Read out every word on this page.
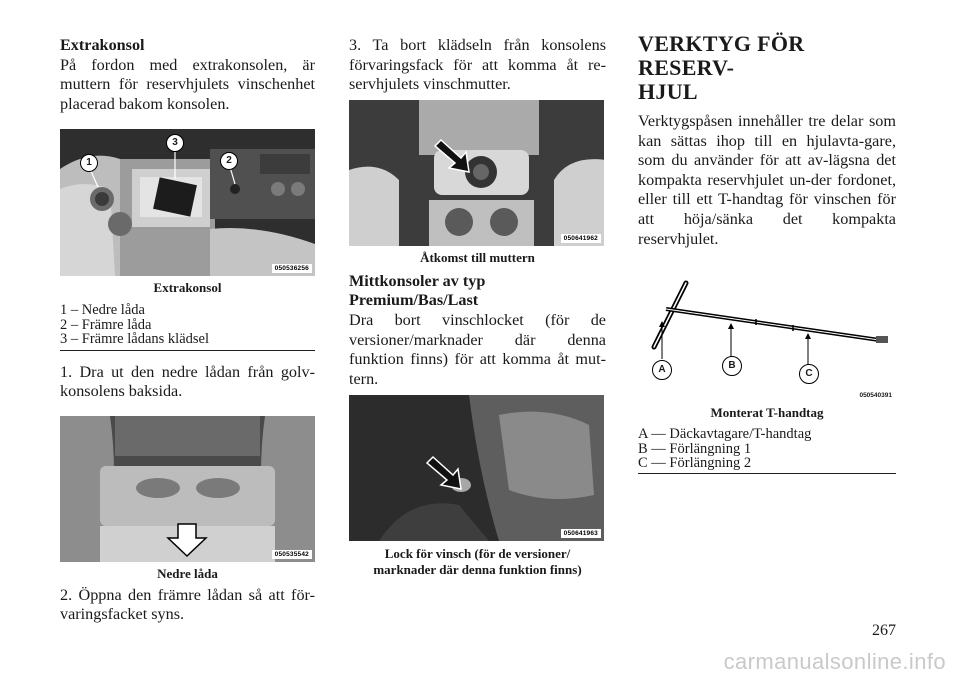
Extrakonsol

På fordon med extrakonsolen, är muttern för reservhjulets vinschenhet placerad bakom konsolen.

1
3
2
050536256

Extrakonsol

1 – Nedre låda
2 – Främre låda
3 – Främre lådans klädsel

1. Dra ut den nedre lådan från golv-konsolens baksida.

050535542

Nedre låda

2. Öppna den främre lådan så att för-varingsfacket syns.

3. Ta bort klädseln från konsolens förvaringsfack för att komma åt re-servhjulets vinschmutter.

050641962

Åtkomst till muttern

Mittkonsoler av typ

Premium/Bas/Last

Dra bort vinschlocket (för de versioner/marknader där denna funktion finns) för att komma åt mut-tern.

050641963

Lock för vinsch (för de versioner/

marknader där denna funktion finns)

VERKTYG FÖR RESERV-
HJUL

Verktygspåsen innehåller tre delar som kan sättas ihop till en hjulavta-gare, som du använder för att av-lägsna det kompakta reservhjulet un-der fordonet, eller till ett T-handtag för vinschen för att höja/sänka det kompakta reservhjulet.

A	B
C
050540391

Monterat T-handtag

A — Däckavtagare/T-handtag
B — Förlängning 1
C — Förlängning 2
267
carmanualsonline.info
